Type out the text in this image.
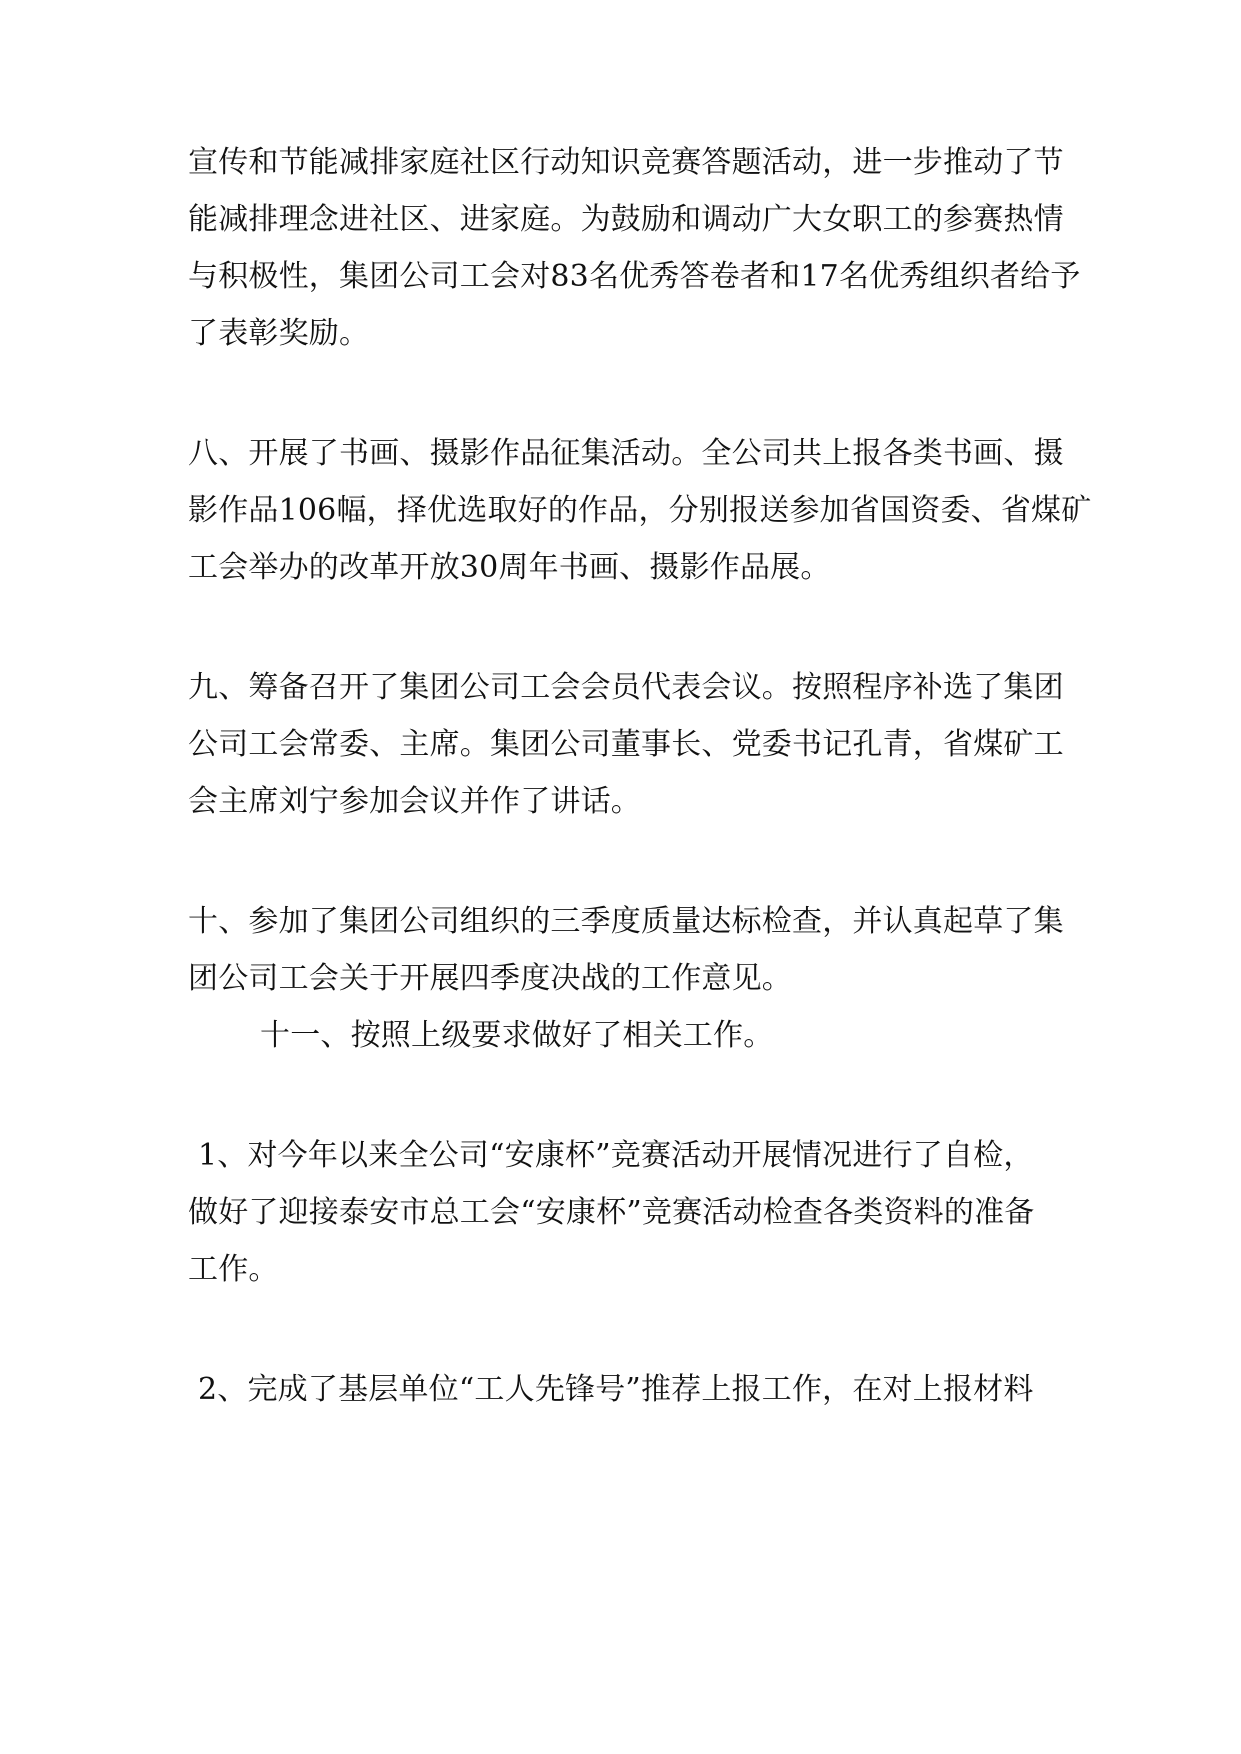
宣传和节能减排家庭社区行动知识竞赛答题活动，进一步推动了节
能减排理念进社区、进家庭。为鼓励和调动广大女职工的参赛热情
与积极性，集团公司工会对83名优秀答卷者和17名优秀组织者给予
了表彰奖励。
八、开展了书画、摄影作品征集活动。全公司共上报各类书画、摄
影作品106幅，择优选取好的作品，分别报送参加省国资委、省煤矿
工会举办的改革开放30周年书画、摄影作品展。
九、筹备召开了集团公司工会会员代表会议。按照程序补选了集团
公司工会常委、主席。集团公司董事长、党委书记孔青，省煤矿工
会主席刘宁参加会议并作了讲话。
十、参加了集团公司组织的三季度质量达标检查，并认真起草了集
团公司工会关于开展四季度决战的工作意见。
十一、按照上级要求做好了相关工作。
1、对今年以来全公司“安康杯”竞赛活动开展情况进行了自检，
做好了迎接泰安市总工会“安康杯”竞赛活动检查各类资料的准备
工作。
2、完成了基层单位“工人先锋号”推荐上报工作，在对上报材料
